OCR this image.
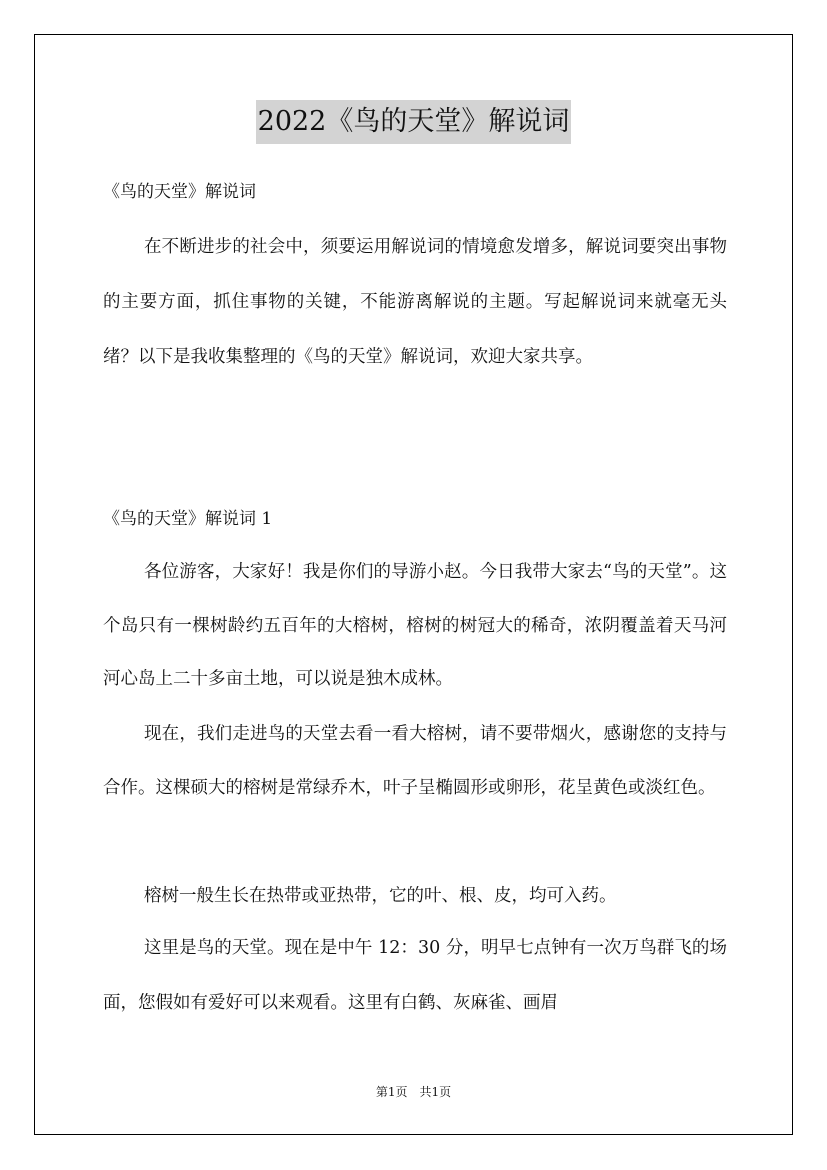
2022《鸟的天堂》解说词
《鸟的天堂》解说词

在不断进步的社会中，须要运用解说词的情境愈发增多，解说词要突出事物的主要方面，抓住事物的关键，不能游离解说的主题。写起解说词来就毫无头绪？以下是我收集整理的《鸟的天堂》解说词，欢迎大家共享。

《鸟的天堂》解说词 1

各位游客，大家好！我是你们的导游小赵。今日我带大家去“鸟的天堂”。这个岛只有一棵树龄约五百年的大榕树，榕树的树冠大的稀奇，浓阴覆盖着天马河河心岛上二十多亩土地，可以说是独木成林。

现在，我们走进鸟的天堂去看一看大榕树，请不要带烟火，感谢您的支持与合作。这棵硕大的榕树是常绿乔木，叶子呈椭圆形或卵形，花呈黄色或淡红色。

榕树一般生长在热带或亚热带，它的叶、根、皮，均可入药。

这里是鸟的天堂。现在是中午 12：30 分，明早七点钟有一次万鸟群飞的场面，您假如有爱好可以来观看。这里有白鹤、灰麻雀、画眉

第1页　共1页
